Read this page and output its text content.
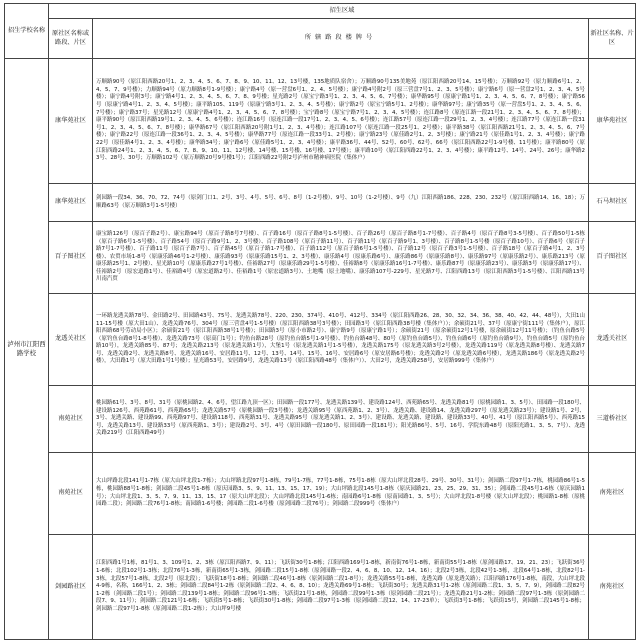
招生学校名称	招生区域		
	原社区名称或路段、片区	所辖路段楼牌号	新社区名称、片区
泸州市江阳西路学校	康华苑社区	万顺路90号（原江阳西路20号1、2、3、4、5、6、7、8、9、10、11、12、13号楼，135地质队宿舍）；万顺路90号135美地苑（原江阳西路20号14、15号楼）；万顺路92号（原力顺路6号1、2、4、5、7、9号楼）；力顺路94号（原力顺路8号1-9号楼）；康宁路4号（原一营盘6号1、2、4、5号楼）；康宁路4号附2号（原三营盘7号1、2、3、5号楼）；康宁路6号（原一营盘2号1、2、3、4、5号楼）；康宁路4号附3号；康宁路4号1、2、3、4、5、6、7、8、9号楼；星光路2号（原宝宁路3号1、2、3、4、5、6、7号楼）；康华路95号（原康宁路1号1、2、3、4、5、6、7、8号楼）；康宁路56号（原康宁路4号1、2、3、4、5号楼）；康平路105、119号（原康宁路3号1、2、3、4、5号楼）；康宁路2号（原宝宁路5号1、2号楼）；康华路97号；康宁路35号（原一营盘5号1、2、3、4、5、6、7号楼）；康宁路37号；星光路12号（原康宁路4号1、2、3、4、5、6、7、8号楼）；宝宁路8号（原宝宁路7号1、2、3、4、5号楼）；连江路8号（原连江路一段21号1、2、3、4、5、6、7、8号楼）；康平路90号（原江阳西路19号1、2、3、4、5、6号楼）；连江路16号（原连江路一段17号1、2、3、4、5、6号楼）；连江路57号（原连江路一段29号1、2、3、4号楼）；连江路77号（原连江路一段31号1、2、3、4、5、6、7、8号楼）；康华路67号（原江阳西路20号附1号1、2、3、4号楼）；连江路107号（原连江路一段25号1、2号楼）；康平路38号（原江阳西路21号1、2、3、4、5、6、7号楼）；康宁路22号（原连江路一段36号1、2、3、4、5号楼）；康华路77号（原连江路一段33号1、2号楼）；康宁路23号（原佳路2号1、2、3号楼）；康宁路21号（原佳路1号1、2、3、4号楼）；康宁路22号（原佳路4号1、2、3、4号楼）；康华路34号；康宁路6号（原佳路5号1、2、3、4号楼）；康平路36号、44号、52号、60号、62号、66号（原江阳西路22号1-9号楼、11号楼）；康平路80号（原江阳西路24号1、2、3、4、5、6、7、8、9、10、11、12号楼、14号楼、15号楼、16号楼、17号楼）；康平路10号（原江阳西路22号1、2、3、4号楼）；康平路12号、14号、24号、26号；康华路23号、28号、30号；万顺路102号（原万顺路20号9号楼1号）；江阳西路22号附2号泸州市精神病医院（集体户）	康华苑社区
	康华苑社区	剑园路一段34、36、70、72、74号（原剑门口1、2号、3号、4号、5号、6号、8号（1-2号楼）、9号、10号（1-2号楼）、9号（九）江阳西路186、228、230、232号（原江阳西路14、16、18）；万顺路63号（原万顺路3号1-5号楼）	石马坝社区
	百子图社区	康宝路126号（原百子路2号）、康宝路94号（原百子路8号7号楼）、百子路16号（原百子路8号1-5号楼）、百子路26号（原百子路8号1-7号楼）、百子路4号（原百子路8号3-5号楼）、百子路50号1-5栋（原百子路6号1-5号楼）、百子路54号（原百子路9号1、2、3号楼）、百子路108号（原百子路11号）、百子路11号（原百子路9号1、3号楼）、百子路8号1-5号楼（原百子路10号）、百子路6号（原百子路7号1-7号楼）、百子路11号（原百子路7号）、百子路45号（原百子路1-7号楼）、百子路112号（原百子路6号1-5号楼）、百子路12号（原百子路3号1-5号楼）、百子路18号（原百子路4号1、2、3号楼）、农贸市场1-8号（原康乐路46号1-2号楼）、康乐路93号（原康乐路15号1、2、3号楼）、康乐路4号（原康乐路6号）、康乐路86号（原康乐路8号）、康乐路97号（原康乐路2号）、康乐路213号（原康乐路25号1、2号楼）、星光路10号（原康乐路27号1号楼）、佳裕路27号（原康乐路29号1-5号楼）、佳裕路8号（原康乐路16号1-7号楼）、康乐路87号（原康乐路23号）、康乐路3号（原康乐路17号）、佳裕路2号（原宏道路1号）、佳裕路4号（原宏道路2号）、佳裕路1号（原宏道路3号）、土地嘴（原土地嘴）、康乐路107号-229号、星光路7号、江阳西路13号（原江阳西路3号1-5号楼）、江阳西路13号 川南汽贸	百子图社区
	龙透关社区	一环路龙透关路78号、金田路2号、田园路43号、75号、龙透关路78号、220、230、374号、410号、412号、334号（原江阳西路26、28、30、32、34、36、38、40、42、44、48号），大田1山11-15号楼（原大田1山）、龙透关路76号、304号（原三营盘4号1-5号楼）（原江阳西路38号3号楼）；田园路3号（原江阳西路38号楼（集体户））；余硕街21号、37号（原康宁街111号（集体户），原江阳西路68号劳动局小区）；余硕街21号（原江阳西路38号1号楼）；田园路3号（原小市路2号）、康宁路9号（原康宁路1号）；余硕街21号（原余硕街12号1号楼，原余硕街12号11号楼）；（钓鱼台路5号（原钓鱼台路8号1-8号楼）、龙透关路73号（原高门1号）；钓鱼台路28号（原钓鱼台路5号1-9号楼）、钓鱼台路48号、80号（原钓鱼台路5号）、钓鱼台路6号（原钓鱼台路9号），钓鱼台路5号（原钓鱼台路10号），龙透关路85号、87号；龙透关路213号（原龙透关路1号），大堡1号（原龙透关路1号1-5号楼），龙透关路175号（原龙透关路3号2号楼），龙透关路119号（原龙透关路8号楼）、龙透关路7号、龙透关路2号、龙透关路8号、龙透关路16号、安居路11号、12号、13号、14号、15号、16号、安居路6号（原安居路6号楼）；龙透关路2号（原龙透关路6号楼），龙透关路186号（原龙透关路2号楼），大田路1号（原大田路1号1号楼）；星光路53号，安居路9号，龙透关路13号（原江阳西路48号（集体户））、大田2号，龙透关路258号，安居路999号（集体户）	龙透关社区
	南苑社区	桃园路61号、3号、8号、31号（原桃园路2、4、6号，望江路九顶一区）；田园路一段177号、龙透关路139号、建设路124号、西苑路65号、龙透关路81号（原桃园路1、3、5号）、田园路一段180号、建设路126号、西苑路61号、西苑路65号；龙透关路57号（原桃园路一段3号楼）；龙透关路95号（原西苑路1、2、3号）、龙透关路、建设路14、龙透关路297号（原龙透关路23号）；建设路1号、2号、3号、龙透关路、建设路99、西苑路97号、建设路118号、西苑路31号、龙透关路95号（原龙透关路1、2、3号）、建设路、龙透关路、建设路、建设路33号、40号、41号（原江阳西路5号）、西苑路15号、龙透关路13号、建设路33号（原西苑路1、3号）；建设路2号、3号、4号（原田园路一段180号、原田园路一段181号）；阳光路86号、5号、16号、学院东路48号（原阳光路1、3、5、7号）、龙透关路219号（江阳西路49号）	三道桥社区
	南苑社区	大山坪路北段141号1-7栋（原大山坪北段1-7栋）；大山坪路北段97号1-8栋，79号1-7栋，77号1-8栋，75号1-8栋（原大山坪北段28号、29号、30号、31号）；剑园路二段97号1-7栋，桃园路86号1-5栋，桃园路88号1-8栋；剑园路二段45号1-8栋（原庆园路3、5、9、11、13、15、17、19）；大山坪路北段145号1-8栋（原庆园路21、23、25、29、31、35）；剑园路二段45号1-6栋（原庆园路1号）；大山坪北段1、3、5、7、9、11、13、15、17（原大山坪北段）；大山坪路北段145号1-6栋；南园路6号1-8栋（原南园路1、3、5号）；大山坪北段1-8号楼（原大山坪北段）；桃园路1-8栋（原桃园路二段）；剑园路二段76号1-8栋；南园路1-6号楼；剑园路二段1-6号楼（原剑园路二段76号）；剑园路二段999号（集体户）	南苑社区
	剑园路社区	江阳西路1号1栋，81号1、3、109号1、2、3栋（原江阳西路7、9、11）；飞跃街30号1-8栋；江阳西路169号1-8栋，新南街76号1-8栋，新南街55号1-8栋（原剑园路17、19、21、23）；飞跃街36号1-6栋；北段102号1-3栋；北段76号1-3栋，新南街65号1-3栋，剑园路二段15号1-8栋（原剑园路一段2、4、6、8、10、12、14、16）；北段2号3栋，北段42号1-3栋，北段64号1-8栋，北段82号1-3栋，北段57号1-8栋，北段2号（原北段）；飞跃街18号1-8栋；剑园路二段46号1-8栋（原剑园路二段1-8号）；龙透关路55号1-8栋，龙透关路（原龙透关路）；江阳西路176号1-8栋，南段，大山坪北段4-9栋，名称，166号1、2、3栋；剑园路二段84号1-2栋（原剑园路二段2、4、6、8、10）；龙透关路69号1-8栋；飞跃街30号；龙透关路31号1-2栋（原剑园路二段1、3、5、7、9），剑园路二段82号1-2栋（剑园路二段1号）；剑园路二段139号1-8栋；剑园路二段96号1-3栋；飞跃街21号1-8栋，剑园路二段99号1-3栋（原剑园路二段21号）；龙透关路21号1-2栋；剑园路二段97号1-3栋（原剑园路二段7、9、11号）；剑园路二段121号1-6栋；飞跃街5号1-8栋；飞跃街30号1-8栋；剑园路二段97号1-3栋（原剑园路二段12、14、17-23单）；飞跃街3号1-8栋；飞跃街15号，剑园路二段145号1-8栋；剑园路二段97号1-8栋（原剑园路二段1-2栋）；大山坪9号楼	南苑社区
